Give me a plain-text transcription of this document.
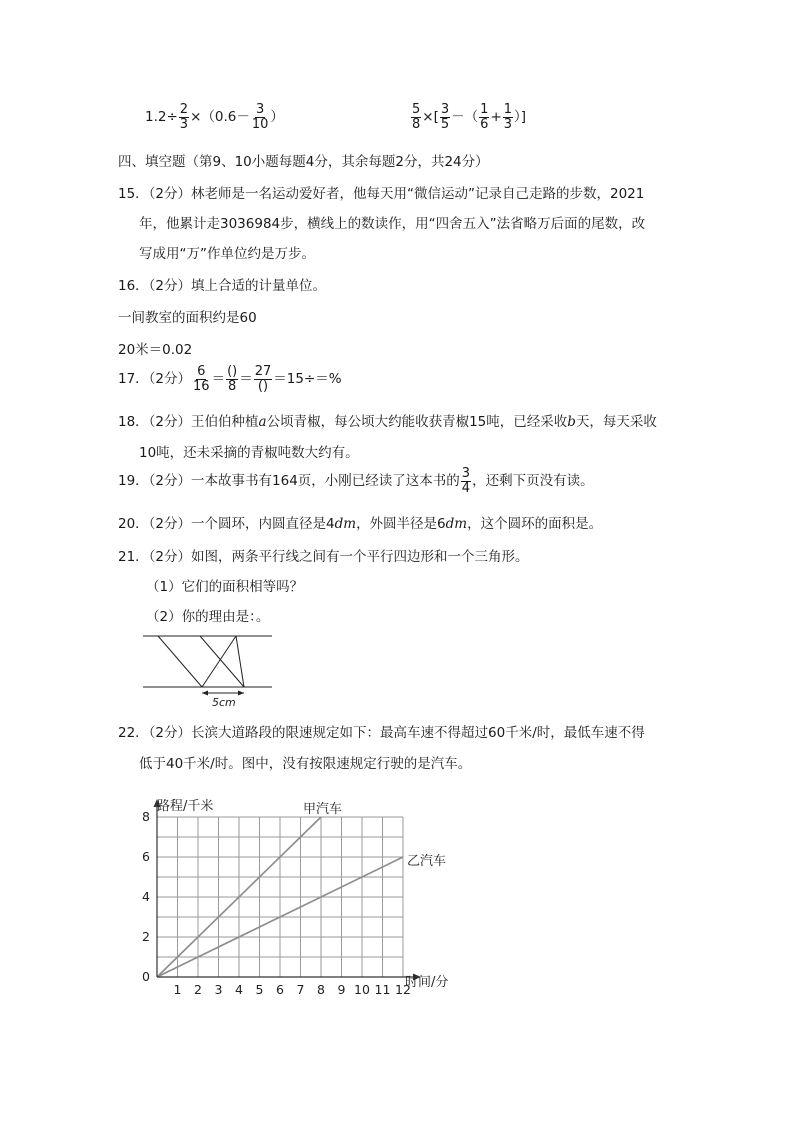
$1.2\div \frac{2}{3} \times(0.6- \frac{3}{10}$ ）	$\frac{5}{8}$ ×[ $\frac{3}{5}$ －（ $\frac{1}{6} + \frac{1}{3}$ ）]
四、填空题（第9、10小题每题4分，其余每题2分，共24分）
15．（2分）林老师是一名运动爱好者，他每天用“微信运动”记录自己走路的步数，2021
年，他累计走3036984步，横线上的数读作，用“四舍五入”法省略万后面的尾数，改
写成用“万”作单位约是万步。
16．（2分）填上合适的计量单位。
一间教室的面积约是60
20米＝0.02
17．（2分） $\frac{6}{16} = \frac{()}{8} = \frac{27}{()} =15\div=\%$
18．（2分）王伯伯种植a公顷青椒，每公顷大约能收获青椒15吨，已经采收b天，每天采收
10吨，还未采摘的青椒吨数大约有。
19．（2分）一本故事书有164页，小刚已经读了这本书的 $\frac{3}{4}$ ，还剩下页没有读。
20．（2分）一个圆环，内圆直径是4dm，外圆半径是6dm，这个圆环的面积是。
21．（2分）如图，两条平行线之间有一个平行四边形和一个三角形。
（1）它们的面积相等吗？
（2）你的理由是：。
5cm
22．（2分）长滨大道路段的限速规定如下：最高车速不得超过60千米/时，最低车速不得
低于40千米/时。图中，没有按限速规定行驶的是汽车。
甲汽车
乙汽车
1 2 3 4 5 6 7 8 9 10 11 12
0
2
4
6
8
路程/千米
时间/分
